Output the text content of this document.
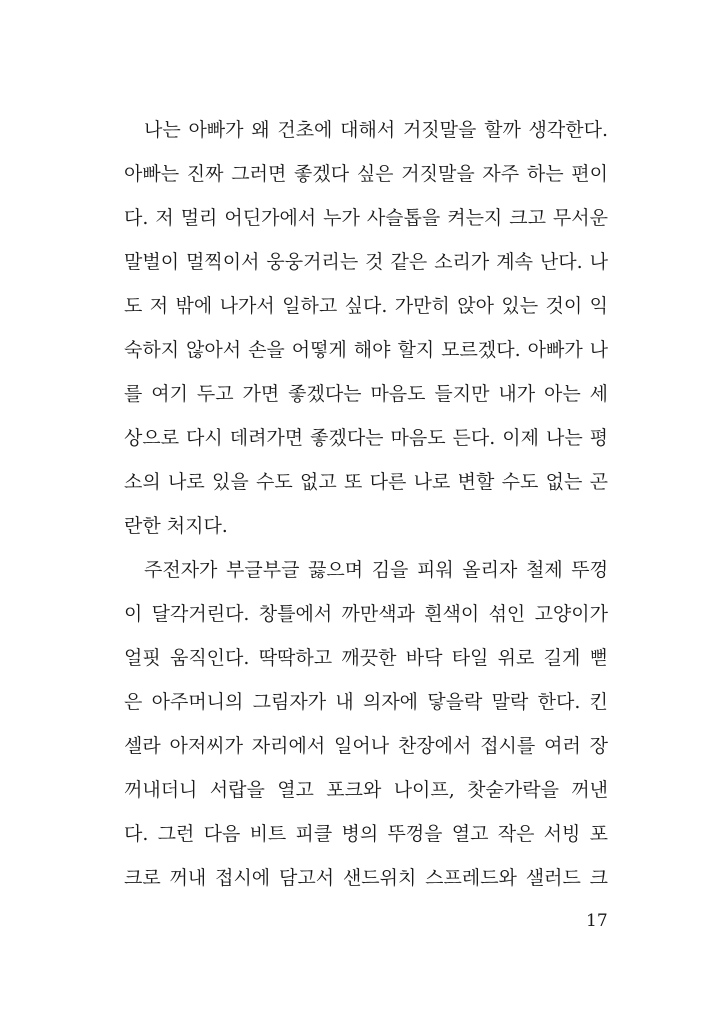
나는 아빠가 왜 건초에 대해서 거짓말을 할까 생각한다.
아빠는 진짜 그러면 좋겠다 싶은 거짓말을 자주 하는 편이
다. 저 멀리 어딘가에서 누가 사슬톱을 켜는지 크고 무서운
말벌이 멀찍이서 웅웅거리는 것 같은 소리가 계속 난다. 나
도 저 밖에 나가서 일하고 싶다. 가만히 앉아 있는 것이 익
숙하지 않아서 손을 어떻게 해야 할지 모르겠다. 아빠가 나
를 여기 두고 가면 좋겠다는 마음도 들지만 내가 아는 세
상으로 다시 데려가면 좋겠다는 마음도 든다. 이제 나는 평
소의 나로 있을 수도 없고 또 다른 나로 변할 수도 없는 곤
란한 처지다.
주전자가 부글부글 끓으며 김을 피워 올리자 철제 뚜껑
이 달각거린다. 창틀에서 까만색과 흰색이 섞인 고양이가
얼핏 움직인다. 딱딱하고 깨끗한 바닥 타일 위로 길게 뻗
은 아주머니의 그림자가 내 의자에 닿을락 말락 한다. 킨
셀라 아저씨가 자리에서 일어나 찬장에서 접시를 여러 장
꺼내더니 서랍을 열고 포크와 나이프, 찻숟가락을 꺼낸
다. 그런 다음 비트 피클 병의 뚜껑을 열고 작은 서빙 포
크로 꺼내 접시에 담고서 샌드위치 스프레드와 샐러드 크
17
